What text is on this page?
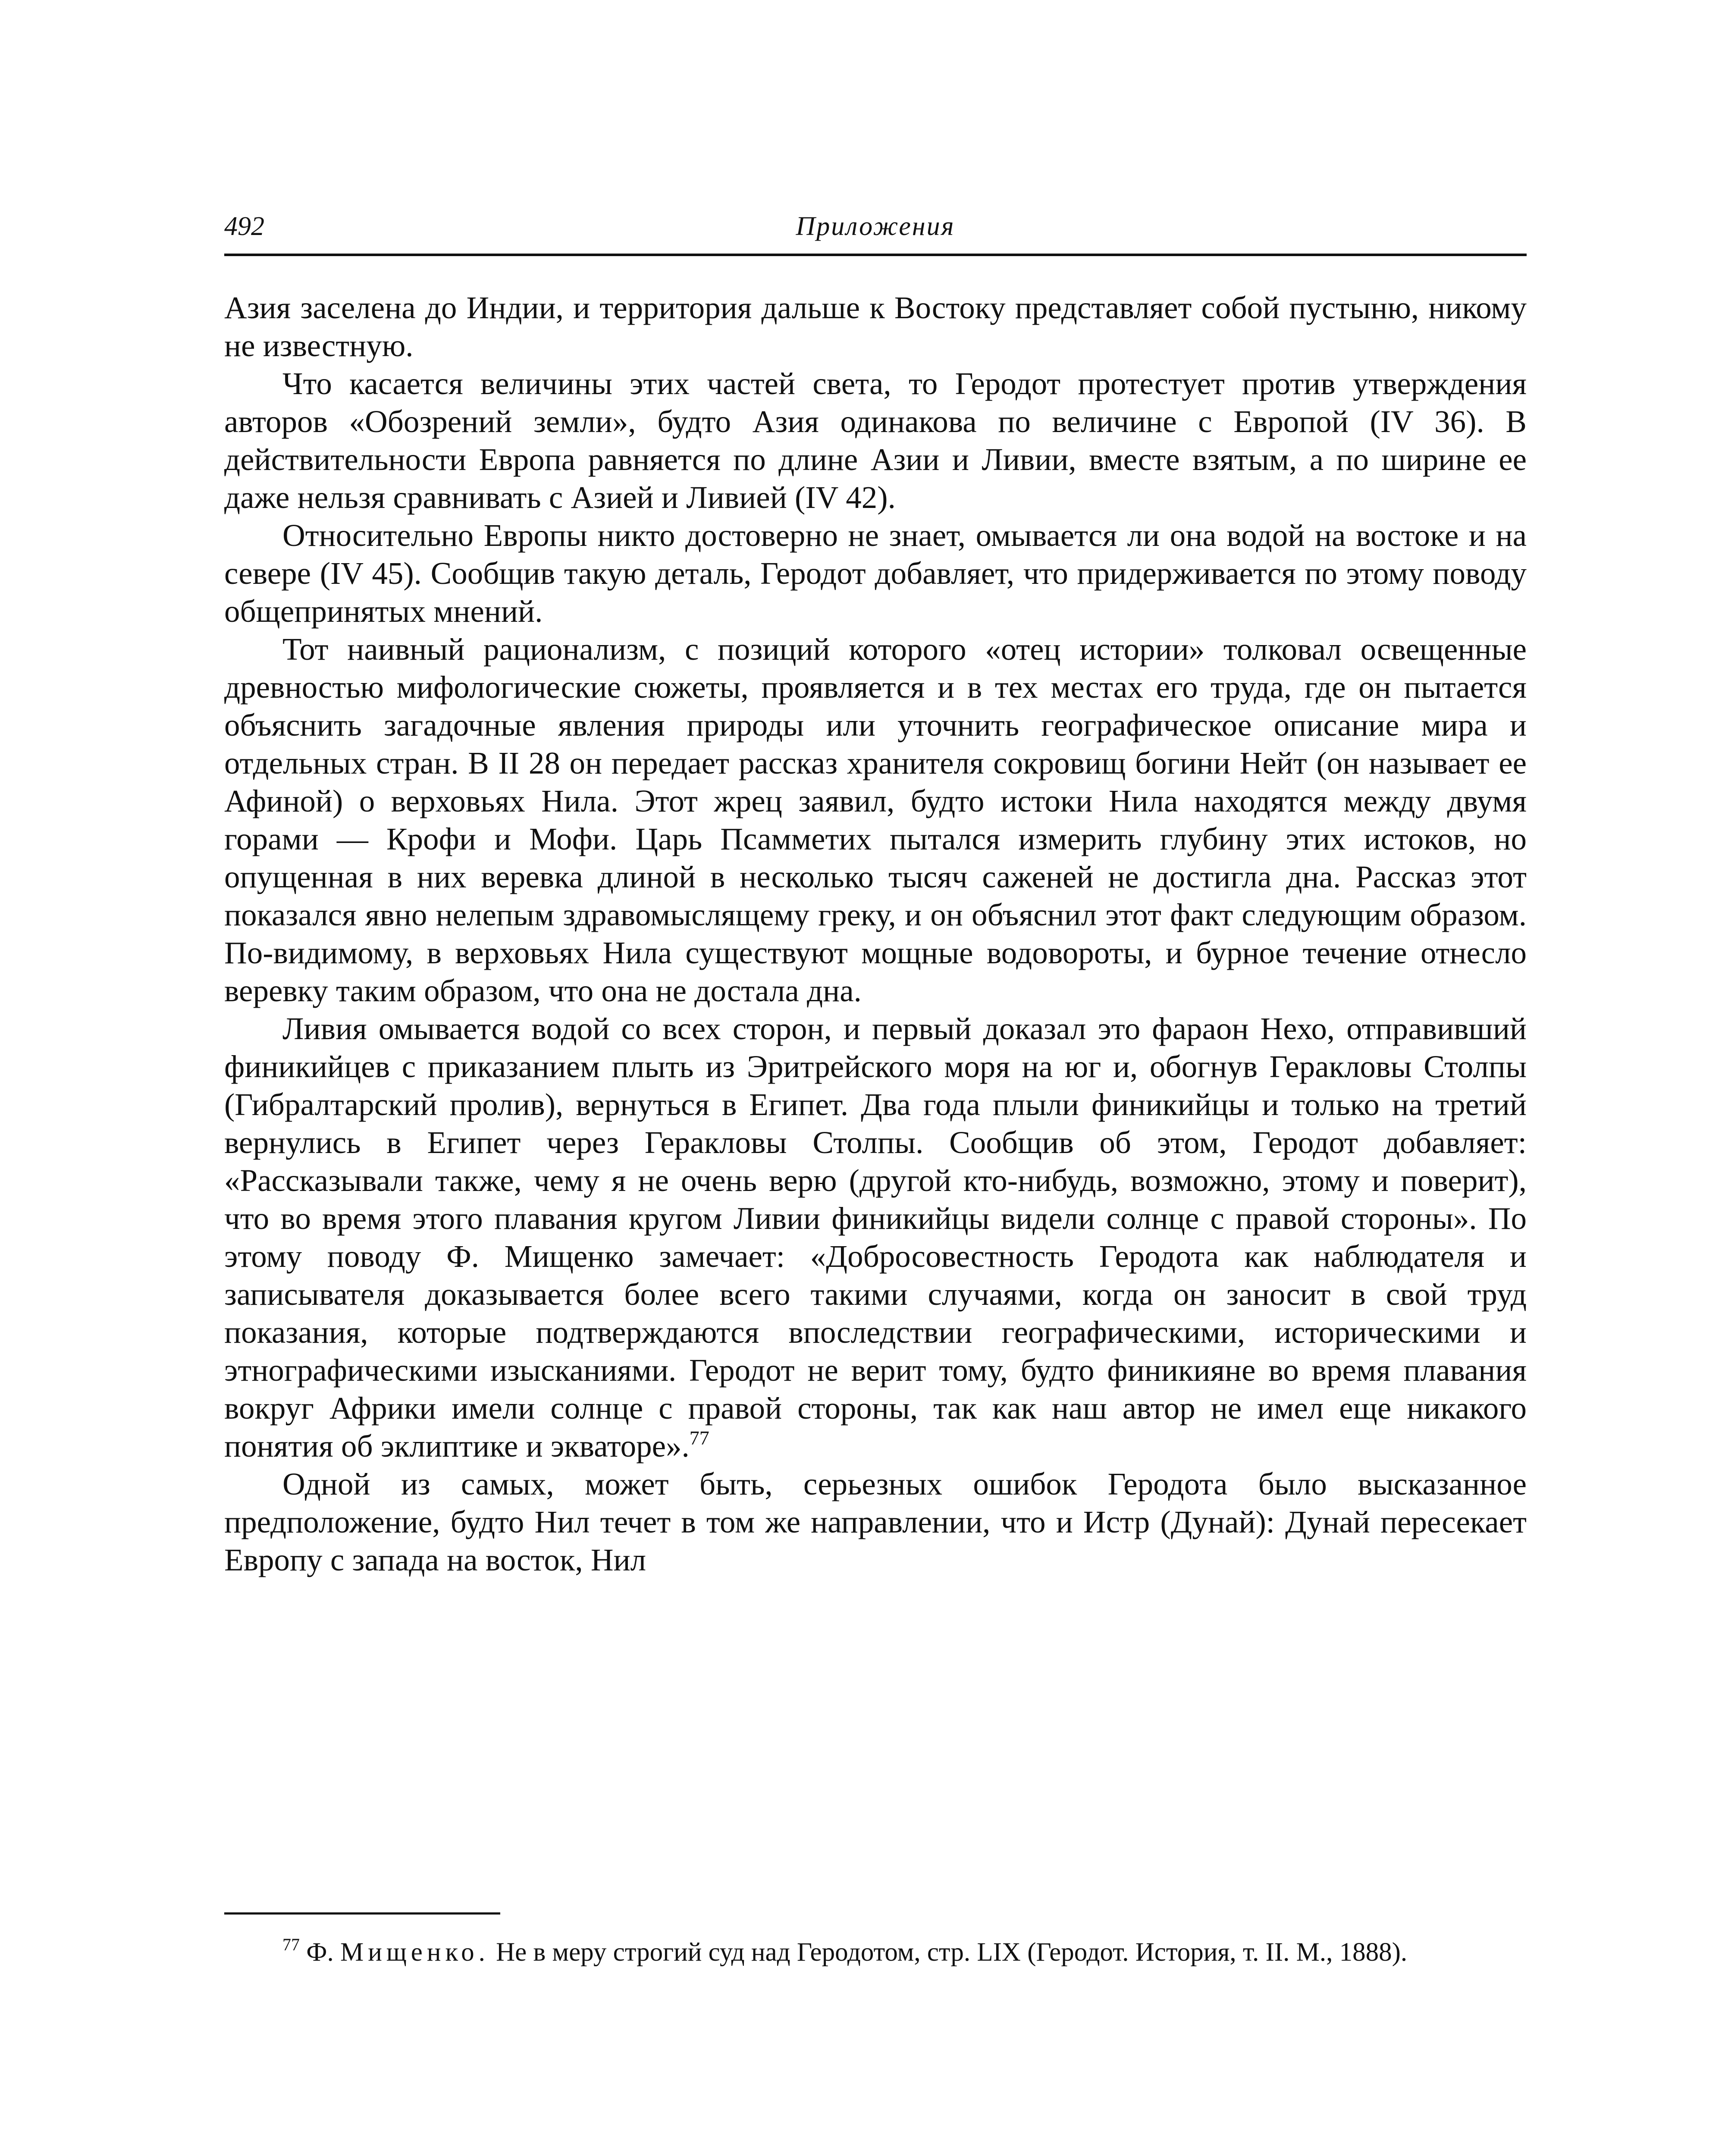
492	Приложения

Азия заселена до Индии, и территория дальше к Востоку представляет собой пустыню, никому не известную.

Что касается величины этих частей света, то Геродот протестует против утверждения авторов «Обозрений земли», будто Азия одинакова по величине с Европой (IV 36). В действительности Европа равняется по длине Азии и Ливии, вместе взятым, а по ширине ее даже нельзя сравнивать с Азией и Ливией (IV 42).

Относительно Европы никто достоверно не знает, омывается ли она водой на востоке и на севере (IV 45). Сообщив такую деталь, Геродот добавляет, что придерживается по этому поводу общепринятых мнений.

Тот наивный рационализм, с позиций которого «отец истории» толковал освещенные древностью мифологические сюжеты, проявляется и в тех местах его труда, где он пытается объяснить загадочные явления природы или уточнить географическое описание мира и отдельных стран. В II 28 он передает рассказ хранителя сокровищ богини Нейт (он называет ее Афиной) о верховьях Нила. Этот жрец заявил, будто истоки Нила находятся между двумя горами — Крофи и Мофи. Царь Псамметих пытался измерить глубину этих истоков, но опущенная в них веревка длиной в несколько тысяч саженей не достигла дна. Рассказ этот показался явно нелепым здравомыслящему греку, и он объяснил этот факт следующим образом. По-видимому, в верховьях Нила существуют мощные водовороты, и бурное течение отнесло веревку таким образом, что она не достала дна.

Ливия омывается водой со всех сторон, и первый доказал это фараон Нехо, отправивший финикийцев с приказанием плыть из Эритрейского моря на юг и, обогнув Геракловы Столпы (Гибралтарский пролив), вернуться в Египет. Два года плыли финикийцы и только на третий вернулись в Египет через Геракловы Столпы. Сообщив об этом, Геродот добавляет: «Рассказывали также, чему я не очень верю (другой кто-нибудь, возможно, этому и поверит), что во время этого плавания кругом Ливии финикийцы видели солнце с правой стороны». По этому поводу Ф. Мищенко замечает: «Добросовестность Геродота как наблюдателя и записывателя доказывается более всего такими случаями, когда он заносит в свой труд показания, которые подтверждаются впоследствии географическими, историческими и этнографическими изысканиями. Геродот не верит тому, будто финикияне во время плавания вокруг Африки имели солнце с правой стороны, так как наш автор не имел еще никакого понятия об эклиптике и экваторе».$^{77}$

Одной из самых, может быть, серьезных ошибок Геродота было высказанное предположение, будто Нил течет в том же направлении, что и Истр (Дунай): Дунай пересекает Европу с запада на восток, Нил

$^{77}$ Ф. Мищенко. Не в меру строгий суд над Геродотом, стр. LIX (Геродот. История, т. II. М., 1888).
